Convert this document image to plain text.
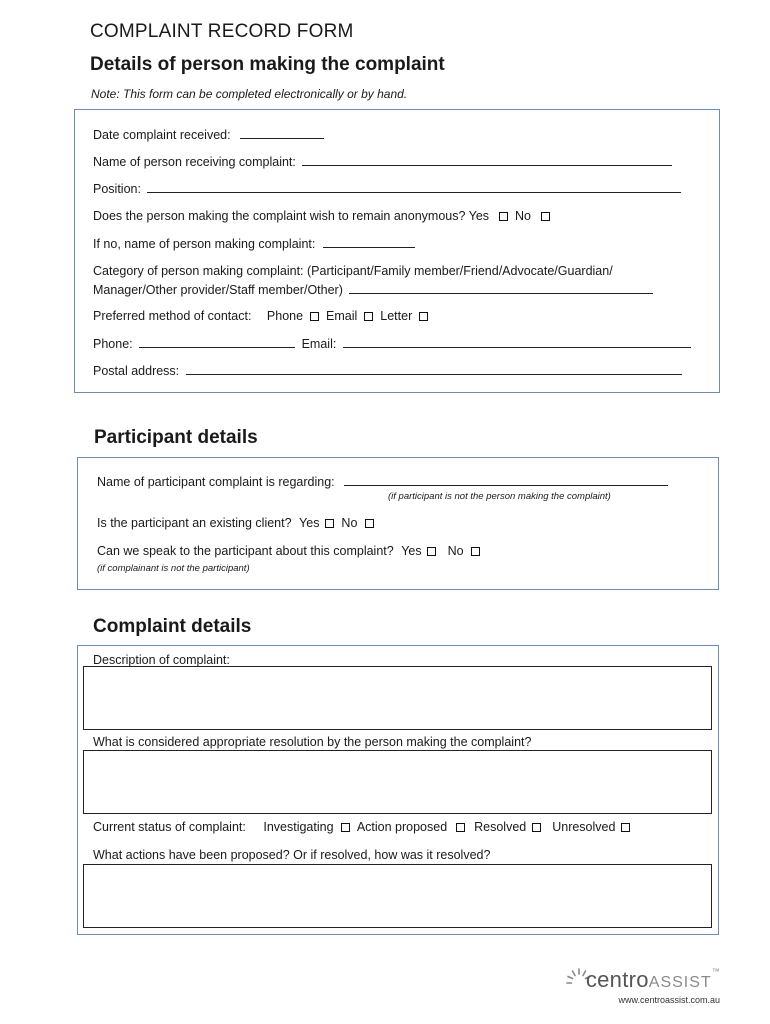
COMPLAINT RECORD FORM
Details of person making the complaint
Note: This form can be completed electronically or by hand.
Date complaint received:
Name of person receiving complaint:
Position:
Does the person making the complaint wish to remain anonymous? Yes No
If no, name of person making complaint:
Category of person making complaint: (Participant/Family member/Friend/Advocate/Guardian/
Manager/Other provider/Staff member/Other)
Preferred method of contact: Phone Email Letter
Phone:	Email:
Postal address:
Participant details
Name of participant complaint is regarding:
(if participant is not the person making the complaint)
Is the participant an existing client? Yes No
Can we speak to the participant about this complaint? Yes No
(if complainant is not the participant)
Complaint details
Description of complaint:
What is considered appropriate resolution by the person making the complaint?
Current status of complaint: Investigating Action proposed Resolved Unresolved
What actions have been proposed? Or if resolved, how was it resolved?
centroASSIST™
www.centroassist.com.au
